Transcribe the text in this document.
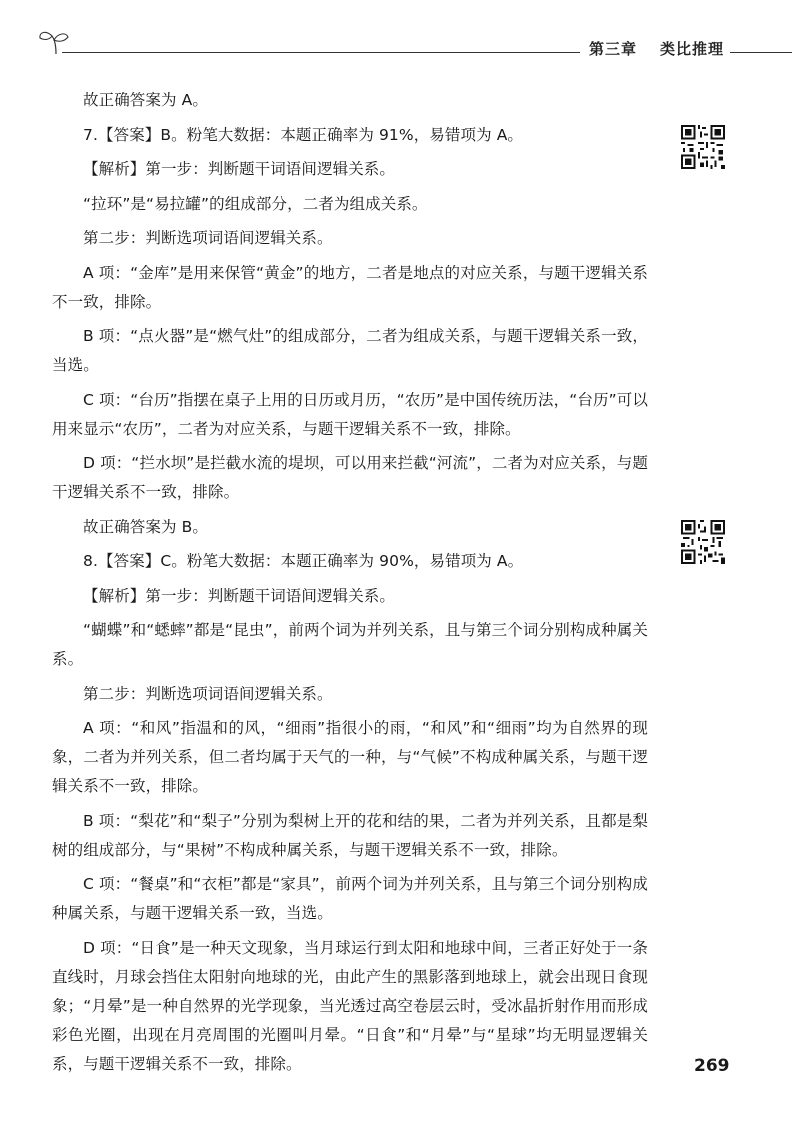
第三章 类比推理

故正确答案为 A。

7.【答案】B。粉笔大数据：本题正确率为 91%，易错项为 A。

【解析】第一步：判断题干词语间逻辑关系。

“拉环”是“易拉罐”的组成部分，二者为组成关系。

第二步：判断选项词语间逻辑关系。

A 项：“金库”是用来保管“黄金”的地方，二者是地点的对应关系，与题干逻辑关系不一致，排除。

B 项：“点火器”是“燃气灶”的组成部分，二者为组成关系，与题干逻辑关系一致，当选。

C 项：“台历”指摆在桌子上用的日历或月历，“农历”是中国传统历法，“台历”可以用来显示“农历”，二者为对应关系，与题干逻辑关系不一致，排除。

D 项：“拦水坝”是拦截水流的堤坝，可以用来拦截“河流”，二者为对应关系，与题干逻辑关系不一致，排除。

故正确答案为 B。

8.【答案】C。粉笔大数据：本题正确率为 90%，易错项为 A。

【解析】第一步：判断题干词语间逻辑关系。

“蝴蝶”和“蟋蟀”都是“昆虫”，前两个词为并列关系，且与第三个词分别构成种属关系。

第二步：判断选项词语间逻辑关系。

A 项：“和风”指温和的风，“细雨”指很小的雨，“和风”和“细雨”均为自然界的现象，二者为并列关系，但二者均属于天气的一种，与“气候”不构成种属关系，与题干逻辑关系不一致，排除。

B 项：“梨花”和“梨子”分别为梨树上开的花和结的果，二者为并列关系，且都是梨树的组成部分，与“果树”不构成种属关系，与题干逻辑关系不一致，排除。

C 项：“餐桌”和“衣柜”都是“家具”，前两个词为并列关系，且与第三个词分别构成种属关系，与题干逻辑关系一致，当选。

D 项：“日食”是一种天文现象，当月球运行到太阳和地球中间，三者正好处于一条直线时，月球会挡住太阳射向地球的光，由此产生的黑影落到地球上，就会出现日食现象；“月晕”是一种自然界的光学现象，当光透过高空卷层云时，受冰晶折射作用而形成彩色光圈，出现在月亮周围的光圈叫月晕。“日食”和“月晕”与“星球”均无明显逻辑关系，与题干逻辑关系不一致，排除。	269
